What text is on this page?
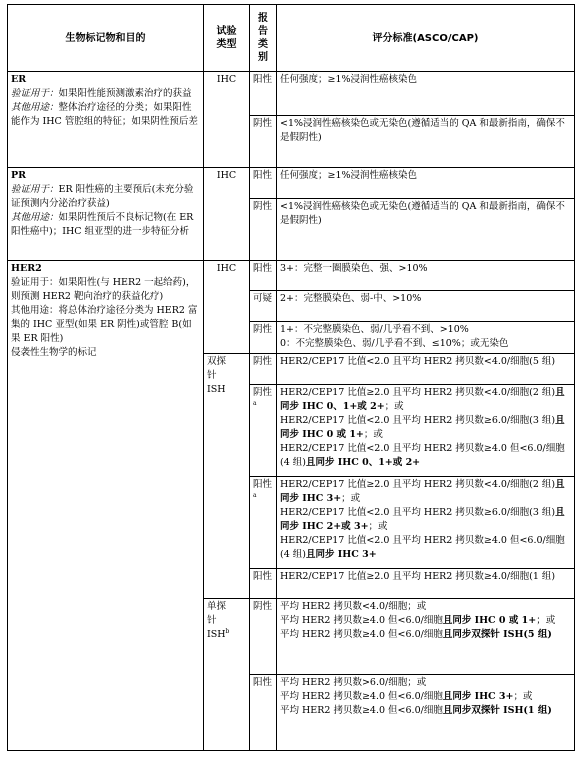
生物标记物和目的	试验
类型	报
告
类
别	评分标准(ASCO/CAP)

ER
验证用于：如果阳性能预测激素治疗的获益
其他用途：整体治疗途径的分类；如果阳性能作为 IHC 管腔组的特征；如果阴性预后差	IHC	阳性	任何强度；≥1%浸润性癌核染色
		阴性	<1%浸润性癌核染色或无染色(遵循适当的 QA 和最新指南，确保不是假阴性)

PR
验证用于：ER 阳性癌的主要预后(未充分验证预测内分泌治疗获益)
其他用途：如果阴性预后不良标记物(在 ER 阳性癌中)；IHC 组亚型的进一步特征分析	IHC	阳性	任何强度；≥1%浸润性癌核染色
		阴性	<1%浸润性癌核染色或无染色(遵循适当的 QA 和最新指南，确保不是假阴性)

HER2
验证用于：如果阳性(与 HER2 一起给药)，则预测 HER2 靶向治疗的获益化疗)
其他用途：将总体治疗途径分类为 HER2 富集的 IHC 亚型(如果 ER 阴性)或管腔 B(如果 ER 阳性)
侵袭性生物学的标记	IHC	阳性	3+：完整一圈膜染色、强、>10%
		可疑	2+：完整膜染色、弱-中、>10%
		阴性	1+：不完整膜染色、弱/几乎看不到、>10%
0：不完整膜染色、弱/几乎看不到、≤10%；或无染色

	双探
针
ISH	阴性	HER2/CEP17 比值<2.0 且平均 HER2 拷贝数<4.0/细胞(5 组)
		阴性$^a$	HER2/CEP17 比值≥2.0 且平均 HER2 拷贝数<4.0/细胞(2 组)且同步 IHC 0、1+或 2+；或
HER2/CEP17 比值<2.0 且平均 HER2 拷贝数≥6.0/细胞(3 组)且同步 IHC 0 或 1+；或
HER2/CEP17 比值<2.0 且平均 HER2 拷贝数≥4.0 但<6.0/细胞(4 组)且同步 IHC 0、1+或 2+
		阳性$^a$	HER2/CEP17 比值≥2.0 且平均 HER2 拷贝数<4.0/细胞(2 组)且同步 IHC 3+；或
HER2/CEP17 比值<2.0 且平均 HER2 拷贝数≥6.0/细胞(3 组)且同步 IHC 2+或 3+；或
HER2/CEP17 比值<2.0 且平均 HER2 拷贝数≥4.0 但<6.0/细胞(4 组)且同步 IHC 3+
		阳性	HER2/CEP17 比值≥2.0 且平均 HER2 拷贝数≥4.0/细胞(1 组)

	单探
针
ISH$^b$	阴性	平均 HER2 拷贝数<4.0/细胞；或
平均 HER2 拷贝数≥4.0 但<6.0/细胞且同步 IHC 0 或 1+；或
平均 HER2 拷贝数≥4.0 但<6.0/细胞且同步双探针 ISH(5 组)
		阳性	平均 HER2 拷贝数>6.0/细胞；或
平均 HER2 拷贝数≥4.0 但<6.0/细胞且同步 IHC 3+；或
平均 HER2 拷贝数≥4.0 但<6.0/细胞且同步双探针 ISH(1 组)
